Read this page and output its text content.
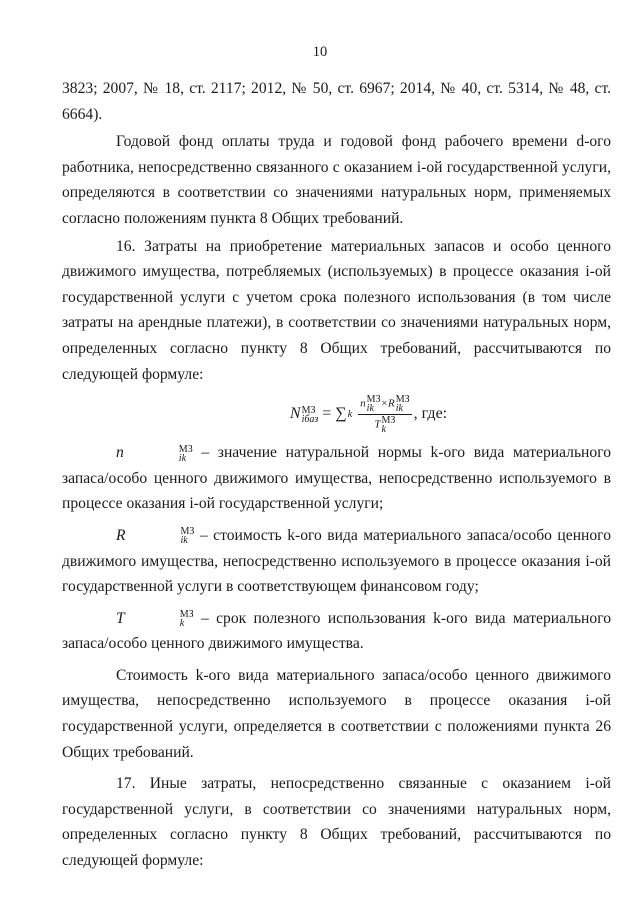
10

3823; 2007, № 18, ст. 2117; 2012, № 50, ст. 6967; 2014, № 40, ст. 5314, № 48, ст. 6664).

Годовой фонд оплаты труда и годовой фонд рабочего времени d-ого работника, непосредственно связанного с оказанием i-ой государственной услуги, определяются в соответствии со значениями натуральных норм, применяемых согласно положениям пункта 8 Общих требований.

16. Затраты на приобретение материальных запасов и особо ценного движимого имущества, потребляемых (используемых) в процессе оказания i-ой государственной услуги с учетом срока полезного использования (в том числе затраты на арендные платежи), в соответствии со значениями натуральных норм, определенных согласно пункту 8 Общих требований, рассчитываются по следующей формуле:

N МЗ
iбаз = ∑ k
n МЗ
ik ×R МЗ
ik
T МЗ
k , где:

n	МЗ
ik – значение натуральной нормы k-ого вида материального запаса/особо ценного движимого имущества, непосредственно используемого в процессе оказания i-ой государственной услуги;

R	МЗ
ik – стоимость k-ого вида материального запаса/особо ценного движимого имущества, непосредственно используемого в процессе оказания i-ой государственной услуги в соответствующем финансовом году;

T	МЗ
k	– срок полезного использования k-ого вида материального запаса/особо ценного движимого имущества.

Стоимость k-ого вида материального запаса/особо ценного движимого имущества, непосредственно используемого в процессе оказания i-ой государственной услуги, определяется в соответствии с положениями пункта 26 Общих требований.

17. Иные затраты, непосредственно связанные с оказанием i-ой государственной услуги, в соответствии со значениями натуральных норм, определенных согласно пункту 8 Общих требований, рассчитываются по следующей формуле:
